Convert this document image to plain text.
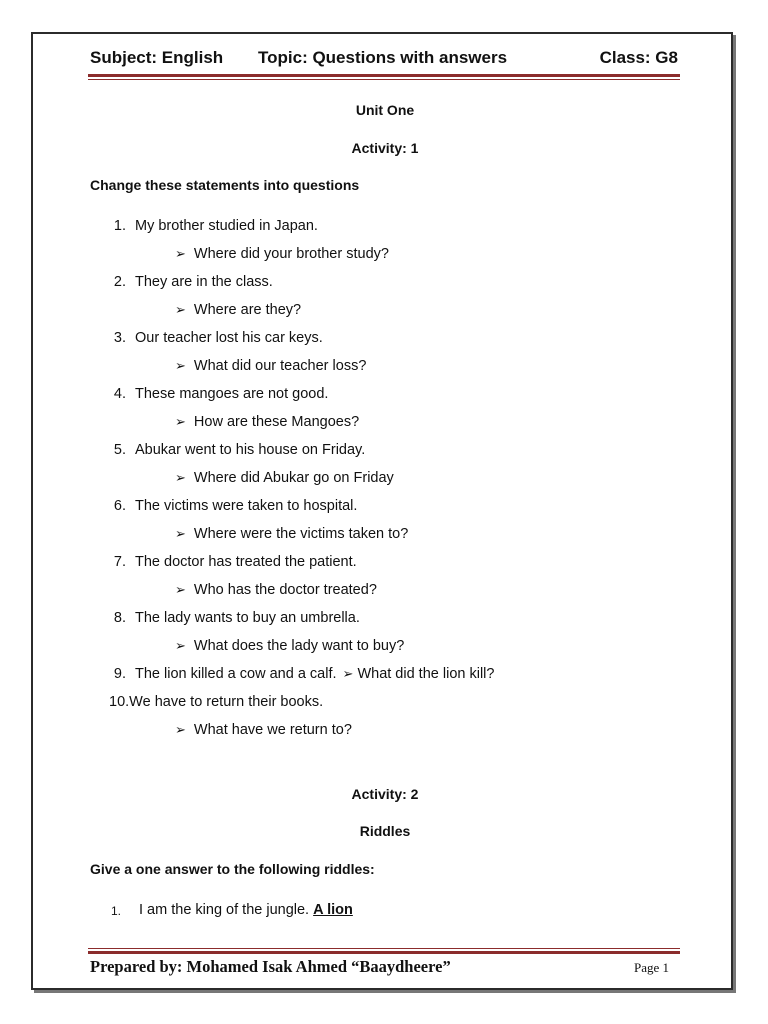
Subject: English Topic: Questions with answers	Class: G8
Unit One
Activity: 1
Change these statements into questions
1. My brother studied in Japan.
➢ Where did your brother study?
2. They are in the class.
➢ Where are they?
3. Our teacher lost his car keys.
➢ What did our teacher loss?
4. These mangoes are not good.
➢ How are these Mangoes?
5. Abukar went to his house on Friday.
➢ Where did Abukar go on Friday
6. The victims were taken to hospital.
➢ Where were the victims taken to?
7. The doctor has treated the patient.
➢ Who has the doctor treated?
8. The lady wants to buy an umbrella.
➢ What does the lady want to buy?
9. The lion killed a cow and a calf. ➢ What did the lion kill?
10.We have to return their books.
➢ What have we return to?
Activity: 2
Riddles
Give a one answer to the following riddles:
1. I am the king of the jungle. A lion
Prepared by: Mohamed Isak Ahmed “Baaydheere”	Page 1
